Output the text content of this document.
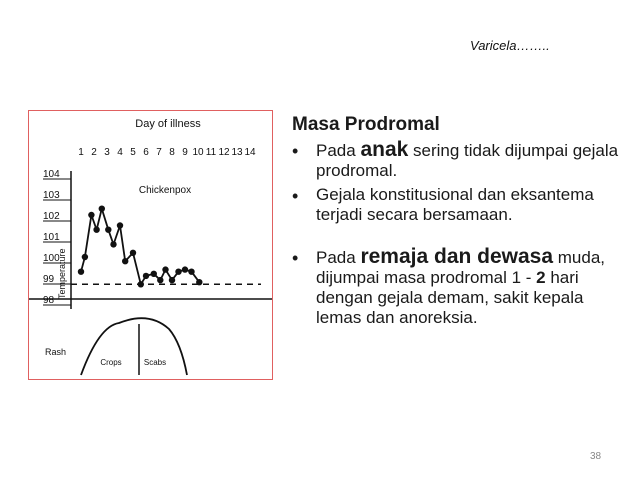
Varicela……..
Day of illness
Temperature
Chickenpox
Rash
Crops	Scabs
1 2 3 4 5 6 7 8 9 10 11 12 13 14
104
103
102
101
100
99
98
Masa Prodromal
• Pada anak sering tidak dijumpai gejala prodromal.
• Gejala konstitusional dan eksantema terjadi secara bersamaan.
• Pada remaja dan dewasa muda, dijumpai masa prodromal 1 - 2 hari dengan gejala demam, sakit kepala lemas dan anoreksia.
38
